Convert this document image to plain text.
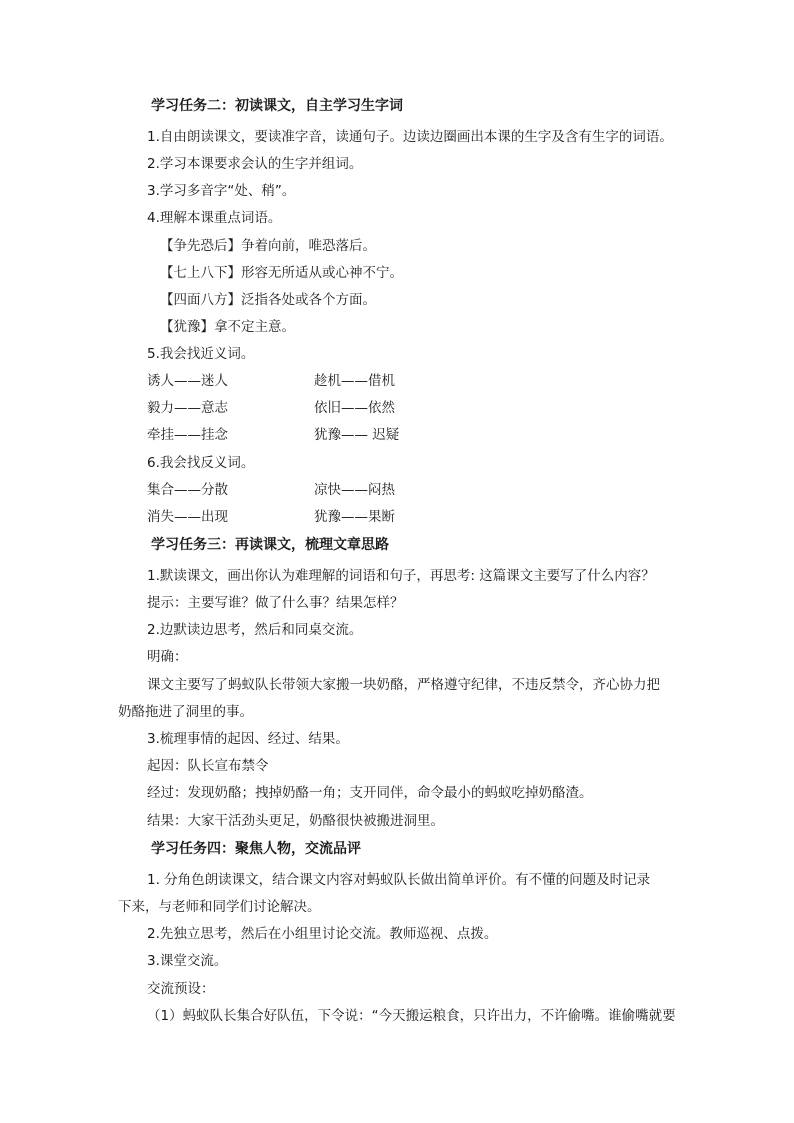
学习任务二：初读课文，自主学习生字词
1.自由朗读课文，要读准字音，读通句子。边读边圈画出本课的生字及含有生字的词语。
2.学习本课要求会认的生字并组词。
3.学习多音字“处、稍”。
4.理解本课重点词语。
【争先恐后】争着向前，唯恐落后。
【七上八下】形容无所适从或心神不宁。
【四面八方】泛指各处或各个方面。
【犹豫】拿不定主意。
5.我会找近义词。
诱人——迷人	趁机——借机
毅力——意志	依旧——依然
牵挂——挂念	犹豫—— 迟疑
6.我会找反义词。
集合——分散	凉快——闷热
消失——出现	犹豫——果断
学习任务三：再读课文，梳理文章思路
1.默读课文，画出你认为难理解的词语和句子，再思考: 这篇课文主要写了什么内容？
提示：主要写谁？做了什么事？结果怎样？
2.边默读边思考，然后和同桌交流。
明确：
课文主要写了蚂蚁队长带领大家搬一块奶酪，严格遵守纪律，不违反禁令，齐心协力把
奶酪拖进了洞里的事。
3.梳理事情的起因、经过、结果。
起因：队长宣布禁令
经过：发现奶酪；拽掉奶酪一角；支开同伴，命令最小的蚂蚁吃掉奶酪渣。
结果：大家干活劲头更足，奶酪很快被搬进洞里。
学习任务四：聚焦人物，交流品评
1. 分角色朗读课文，结合课文内容对蚂蚁队长做出简单评价。有不懂的问题及时记录
下来，与老师和同学们讨论解决。
2.先独立思考，然后在小组里讨论交流。教师巡视、点拨。
3.课堂交流。
交流预设：
（1）蚂蚁队长集合好队伍，下令说：“今天搬运粮食，只许出力，不许偷嘴。谁偷嘴就要
